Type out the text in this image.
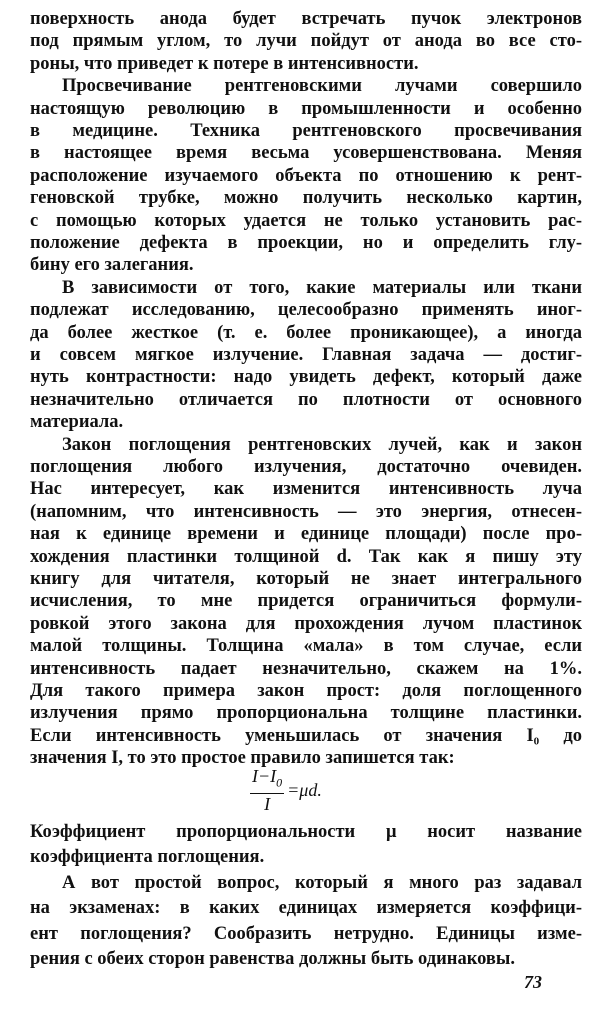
поверхность анода будет встречать пучок электронов
под прямым углом, то лучи пойдут от анода во все сто-
роны, что приведет к потере в интенсивности.
Просвечивание рентгеновскими лучами совершило
настоящую революцию в промышленности и особенно
в медицине. Техника рентгеновского просвечивания
в настоящее время весьма усовершенствована. Меняя
расположение изучаемого объекта по отношению к рент-
геновской трубке, можно получить несколько картин,
с помощью которых удается не только установить рас-
положение дефекта в проекции, но и определить глу-
бину его залегания.
В зависимости от того, какие материалы или ткани
подлежат исследованию, целесообразно применять иног-
да более жесткое (т. е. более проникающее), а иногда
и совсем мягкое излучение. Главная задача — достиг-
нуть контрастности: надо увидеть дефект, который даже
незначительно отличается по плотности от основного
материала.
Закон поглощения рентгеновских лучей, как и закон
поглощения любого излучения, достаточно очевиден.
Нас интересует, как изменится интенсивность луча
(напомним, что интенсивность — это энергия, отнесен-
ная к единице времени и единице площади) после про-
хождения пластинки толщиной d. Так как я пишу эту
книгу для читателя, который не знает интегрального
исчисления, то мне придется ограничиться формули-
ровкой этого закона для прохождения лучом пластинок
малой толщины. Толщина «мала» в том случае, если
интенсивность падает незначительно, скажем на 1%.
Для такого примера закон прост: доля поглощенного
излучения прямо пропорциональна толщине пластинки.
Если интенсивность уменьшилась от значения I₀ до
значения I, то это простое правило запишется так:
Коэффициент пропорциональности μ носит название
коэффициента поглощения.
А вот простой вопрос, который я много раз задавал
на экзаменах: в каких единицах измеряется коэффици-
ент поглощения? Сообразить нетрудно. Единицы изме-
рения с обеих сторон равенства должны быть одинаковы.
$\frac{I-I_0}{I} =\mu d$.
73
